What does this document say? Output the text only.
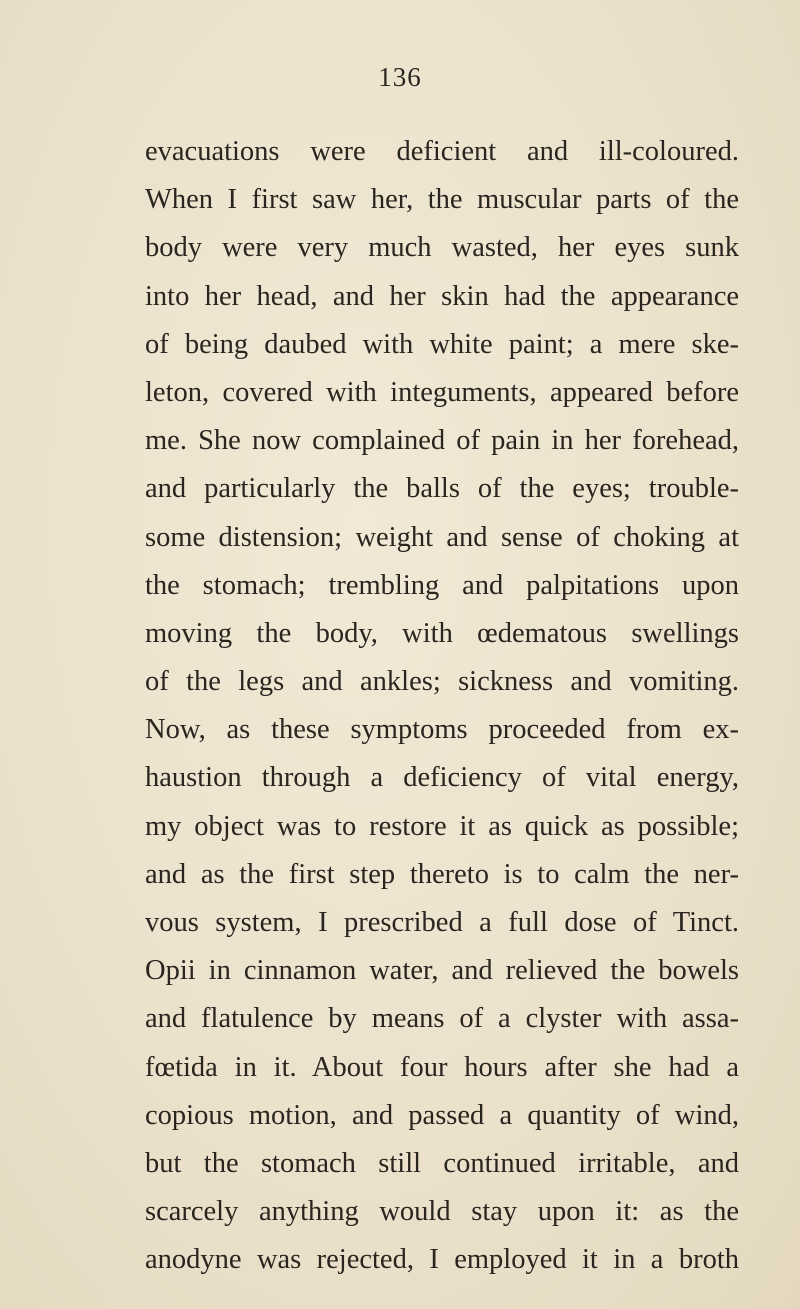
136
evacuations were deficient and ill-coloured.
When I first saw her, the muscular parts of the
body were very much wasted, her eyes sunk
into her head, and her skin had the appearance
of being daubed with white paint; a mere ske-
leton, covered with integuments, appeared before
me. She now complained of pain in her forehead,
and particularly the balls of the eyes; trouble-
some distension; weight and sense of choking at
the stomach; trembling and palpitations upon
moving the body, with œdematous swellings
of the legs and ankles; sickness and vomiting.
Now, as these symptoms proceeded from ex-
haustion through a deficiency of vital energy,
my object was to restore it as quick as possible;
and as the first step thereto is to calm the ner-
vous system, I prescribed a full dose of Tinct.
Opii in cinnamon water, and relieved the bowels
and flatulence by means of a clyster with assa-
fœtida in it. About four hours after she had a
copious motion, and passed a quantity of wind,
but the stomach still continued irritable, and
scarcely anything would stay upon it: as the
anodyne was rejected, I employed it in a broth
